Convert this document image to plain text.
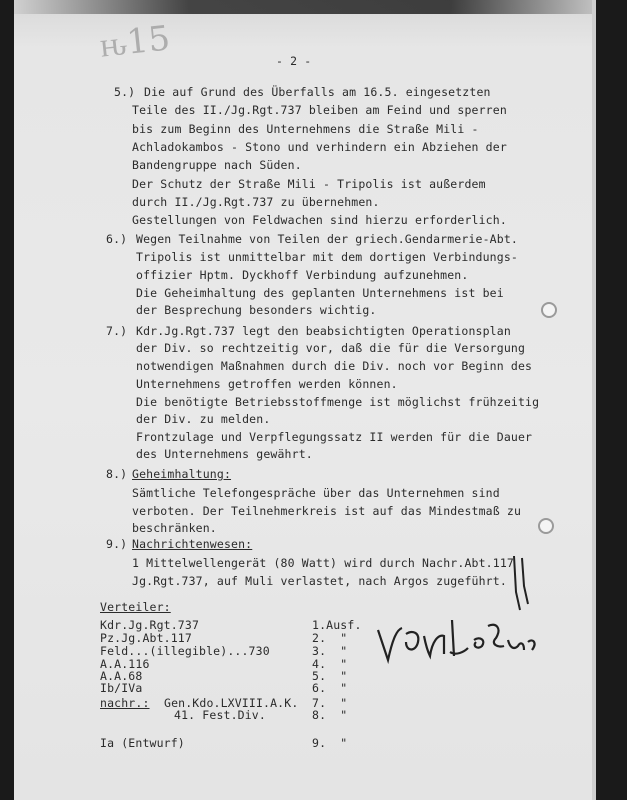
ԋ15	- 2 -
5.) Die auf Grund des Überfalls am 16.5. eingesetzten
Teile des II./Jg.Rgt.737 bleiben am Feind und sperren
bis zum Beginn des Unternehmens die Straße Mili -
Achladokambos - Stono und verhindern ein Abziehen der
Bandengruppe nach Süden.
Der Schutz der Straße Mili - Tripolis ist außerdem
durch II./Jg.Rgt.737 zu übernehmen.
Gestellungen von Feldwachen sind hierzu erforderlich.
6.) Wegen Teilnahme von Teilen der griech.Gendarmerie-Abt.
Tripolis ist unmittelbar mit dem dortigen Verbindungs-
offizier Hptm. Dyckhoff Verbindung aufzunehmen.
Die Geheimhaltung des geplanten Unternehmens ist bei
der Besprechung besonders wichtig.
7.) Kdr.Jg.Rgt.737 legt den beabsichtigten Operationsplan
der Div. so rechtzeitig vor, daß die für die Versorgung
notwendigen Maßnahmen durch die Div. noch vor Beginn des
Unternehmens getroffen werden können.
Die benötigte Betriebsstoffmenge ist möglichst frühzeitig
der Div. zu melden.
Frontzulage und Verpflegungssatz II werden für die Dauer
des Unternehmens gewährt.
8.) Geheimhaltung:
Sämtliche Telefongespräche über das Unternehmen sind
verboten. Der Teilnehmerkreis ist auf das Mindestmaß zu
beschränken.
9.) Nachrichtenwesen:
1 Mittelwellengerät (80 Watt) wird durch Nachr.Abt.117
Jg.Rgt.737, auf Muli verlastet, nach Argos zugeführt.
Verteiler:
Kdr.Jg.Rgt.737	1.Ausf.
Pz.Jg.Abt.117	2.  "
Feld...(illegible)...730	3.  "
A.A.116	4.  "
A.A.68	5.  "
Ib/IVa	6.  "
nachr.: Gen.Kdo.LXVIII.A.K. 7.  "
41. Fest.Div.	8.  "
Ia (Entwurf)	9.  "
